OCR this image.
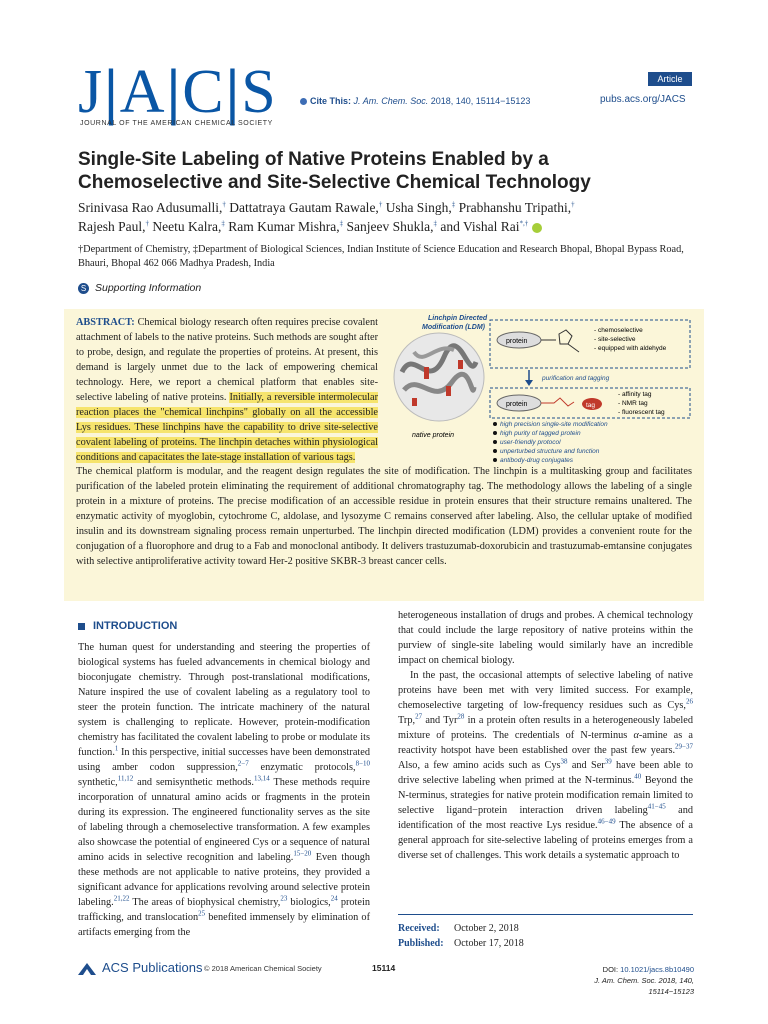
J|A|C|S
JOURNAL OF THE AMERICAN CHEMICAL SOCIETY
Article
pubs.acs.org/JACS
Cite This: J. Am. Chem. Soc. 2018, 140, 15114−15123
Single-Site Labeling of Native Proteins Enabled by a Chemoselective and Site-Selective Chemical Technology
Srinivasa Rao Adusumalli,† Dattatraya Gautam Rawale,† Usha Singh,‡ Prabhanshu Tripathi,†
Rajesh Paul,† Neetu Kalra,‡ Ram Kumar Mishra,‡ Sanjeev Shukla,‡ and Vishal Rai*,†
†Department of Chemistry, ‡Department of Biological Sciences, Indian Institute of Science Education and Research Bhopal, Bhopal Bypass Road, Bhauri, Bhopal 462 066 Madhya Pradesh, India
S Supporting Information
ABSTRACT: Chemical biology research often requires precise covalent attachment of labels to the native proteins. Such methods are sought after to probe, design, and regulate the properties of proteins. At present, this demand is largely unmet due to the lack of empowering chemical technology. Here, we report a chemical platform that enables site-selective labeling of native proteins. Initially, a reversible intermolecular reaction places the "chemical linchpins" globally on all the accessible Lys residues. These linchpins have the capability to drive site-selective covalent labeling of proteins. The linchpin detaches within physiological conditions and capacitates the late-stage installation of various tags.
The chemical platform is modular, and the reagent design regulates the site of modification. The linchpin is a multitasking group and facilitates purification of the labeled protein eliminating the requirement of additional chromatography tag. The methodology allows the labeling of a single protein in a mixture of proteins. The precise modification of an accessible residue in protein ensures that their structure remains unaltered. The enzymatic activity of myoglobin, cytochrome C, aldolase, and lysozyme C remains conserved after labeling. Also, the cellular uptake of modified insulin and its downstream signaling process remain unperturbed. The linchpin directed modification (LDM) provides a convenient route for the conjugation of a fluorophore and drug to a Fab and monoclonal antibody. It delivers trastuzumab-doxorubicin and trastuzumab-emtansine conjugates with selective antiproliferative activity toward Her-2 positive SKBR-3 breast cancer cells.
Linchpin Directed
Modification (LDM)
native protein
protein
- chemoselective
- site-selective
- equipped with aldehyde
purification and tagging
protein	tag
- affinity tag
- NMR tag
- fluorescent tag
high precision single-site modification
high purity of tagged protein
user-friendly protocol
unperturbed structure and function
antibody-drug conjugates
INTRODUCTION

The human quest for understanding and steering the properties of biological systems has fueled advancements in chemical biology and bioconjugate chemistry. Through post-translational modifications, Nature inspired the use of covalent labeling as a regulatory tool to steer the protein function. The intricate machinery of the natural system is challenging to replicate. However, protein-modification chemistry has facilitated the covalent labeling to probe or modulate its function.$^1$ In this perspective, initial successes have been demonstrated using amber codon suppression,$^{2-7}$ enzymatic protocols,$^{8-10}$ synthetic,$^{11,12}$ and semisynthetic methods.$^{13,14}$ These methods require incorporation of unnatural amino acids or fragments in the protein during its expression. The engineered functionality serves as the site of labeling through a chemoselective transformation. A few examples also showcase the potential of engineered Cys or a sequence of natural amino acids in selective recognition and labeling.$^{15-20}$ Even though these methods are not applicable to native proteins, they provided a significant advance for applications revolving around selective protein labeling.$^{21,22}$ The areas of biophysical chemistry,$^{23}$ biologics,$^{24}$ protein trafficking, and translocation$^{25}$ benefited immensely by elimination of artifacts emerging from the

heterogeneous installation of drugs and probes. A chemical technology that could include the large repository of native proteins within the purview of single-site labeling would similarly have an incredible impact on chemical biology.

In the past, the occasional attempts of selective labeling of native proteins have been met with very limited success. For example, chemoselective targeting of low-frequency residues such as Cys,$^{26}$ Trp,$^{27}$ and Tyr$^{28}$ in a protein often results in a heterogeneously labeled mixture of proteins. The credentials of N-terminus α-amine as a reactivity hotspot have been established over the past few years.$^{29-37}$ Also, a few amino acids such as Cys$^{38}$ and Ser$^{39}$ have been able to drive selective labeling when primed at the N-terminus.$^{40}$ Beyond the N-terminus, strategies for native protein modification remain limited to selective ligand−protein interaction driven labeling$^{41-45}$ and identification of the most reactive Lys residue.$^{46-49}$ The absence of a general approach for site-selective labeling of proteins emerges from a diverse set of challenges. This work details a systematic approach to

Received: October 2, 2018
Published: October 17, 2018
ACS Publications © 2018 American Chemical Society	15114	DOI: 10.1021/jacs.8b10490
J. Am. Chem. Soc. 2018, 140, 15114−15123
